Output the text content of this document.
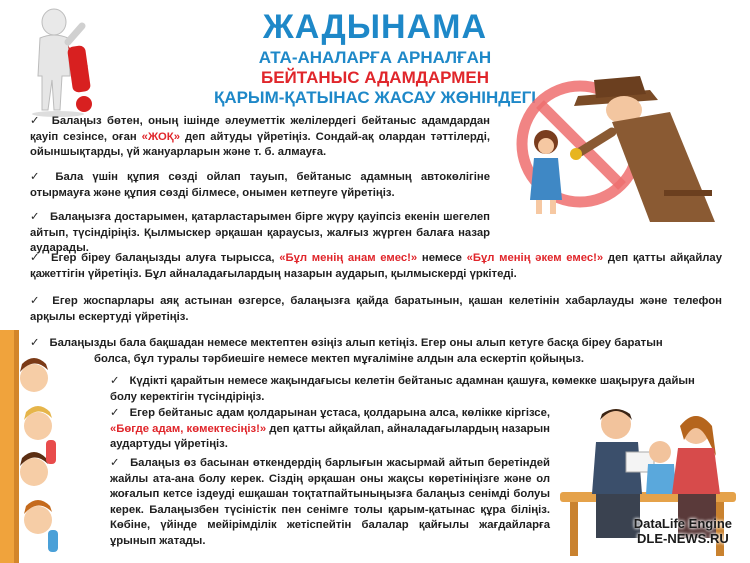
ЖАДЫНАМА
АТА-АНАЛАРҒА АРНАЛҒАН
БЕЙТАНЫС АДАМДАРМЕН
ҚАРЫМ-ҚАТЫНАС ЖАСАУ ЖӨНІНДЕГІ
✓ Балаңыз бөтен, оның ішінде әлеуметтік желілердегі бейтаныс адамдардан қауіп сезінсе, оған «ЖОҚ» деп айтуды үйретіңіз. Сондай-ақ олардан тәттілерді, ойыншықтарды, үй жануарларын және т. б. алмауға.
✓ Бала үшін құпия сөзді ойлап тауып, бейтаныс адамның автокөлігіне отырмауға және құпия сөзді білмесе, онымен кетпеуге үйретіңіз.
✓ Балаңызға достарымен, қатарластарымен бірге жүру қауіпсіз екенін шегелеп айтып, түсіндіріңіз. Қылмыскер әрқашан қараусыз, жалғыз жүрген балаға назар аударады.
✓ Егер біреу балаңызды алуға тырысса, «Бұл менің анам емес!» немесе «Бұл менің әкем емес!» деп қатты айқайлау қажеттігін үйретіңіз. Бұл айналадағылардың назарын аударып, қылмыскерді үркітеді.
✓ Егер жоспарлары аяқ астынан өзгерсе, балаңызға қайда баратынын, қашан келетінін хабарлауды және телефон арқылы ескертуді үйретіңіз.
✓ Балаңызды бала бақшадан немесе мектептен өзіңіз алып кетіңіз. Егер оны алып кетуге басқа біреу баратын
болса, бұл туралы тәрбиешіге немесе мектеп мұғаліміне алдын ала ескертіп қойыңыз.
✓ Күдікті қарайтын немесе жақындағысы келетін бейтаныс адамнан қашуға, көмекке шақыруға дайын
болу керектігін түсіндіріңіз.
✓ Егер бейтаныс адам қолдарынан ұстаса, қолдарына алса, көлікке кіргізсе, «Бөгде адам, көмектесіңіз!» деп қатты айқайлап, айналадағылардың назарын аудартуды үйретіңіз.
✓ Балаңыз өз басынан өткендердің барлығын жасырмай айтып беретіндей жайлы ата-ана болу керек. Сіздің әрқашан оны жақсы көретініңізге және ол жоғалып кетсе іздеуді ешқашан тоқтатпайтыныңызға балаңыз сенімді болуы керек. Балаңызбен түсіністік пен сенімге толы қарым-қатынас құра біліңіз. Көбіне, үйінде мейірімділік жетіспейтін балалар қайғылы жағдайларға ұрынып жатады.
DataLife Engine
DLE-NEWS.RU
